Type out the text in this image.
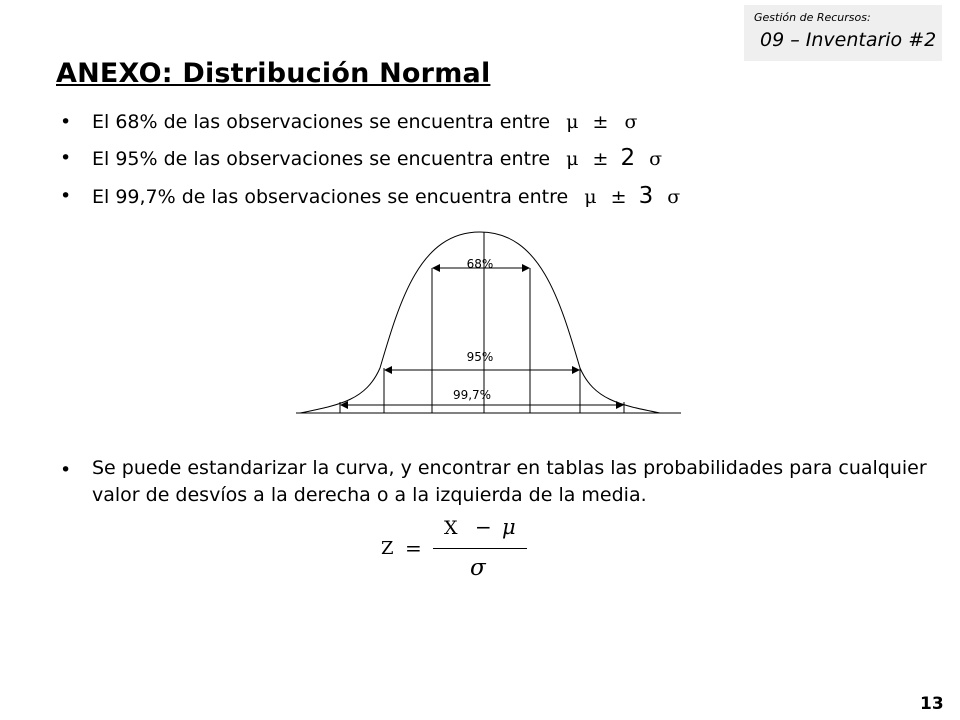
Gestión de Recursos:
09 – Inventario #2
ANEXO: Distribución Normal
• El 68% de las observaciones se encuentra entre μ ± σ
• El 95% de las observaciones se encuentra entre μ ± 2 σ
• El 99,7% de las observaciones se encuentra entre μ ± 3 σ
68%
95%
99,7%
• Se puede estandarizar la curva, y encontrar en tablas las probabilidades para cualquier valor de desvíos a la derecha o a la izquierda de la media.
Z =
X − μ
σ
13
